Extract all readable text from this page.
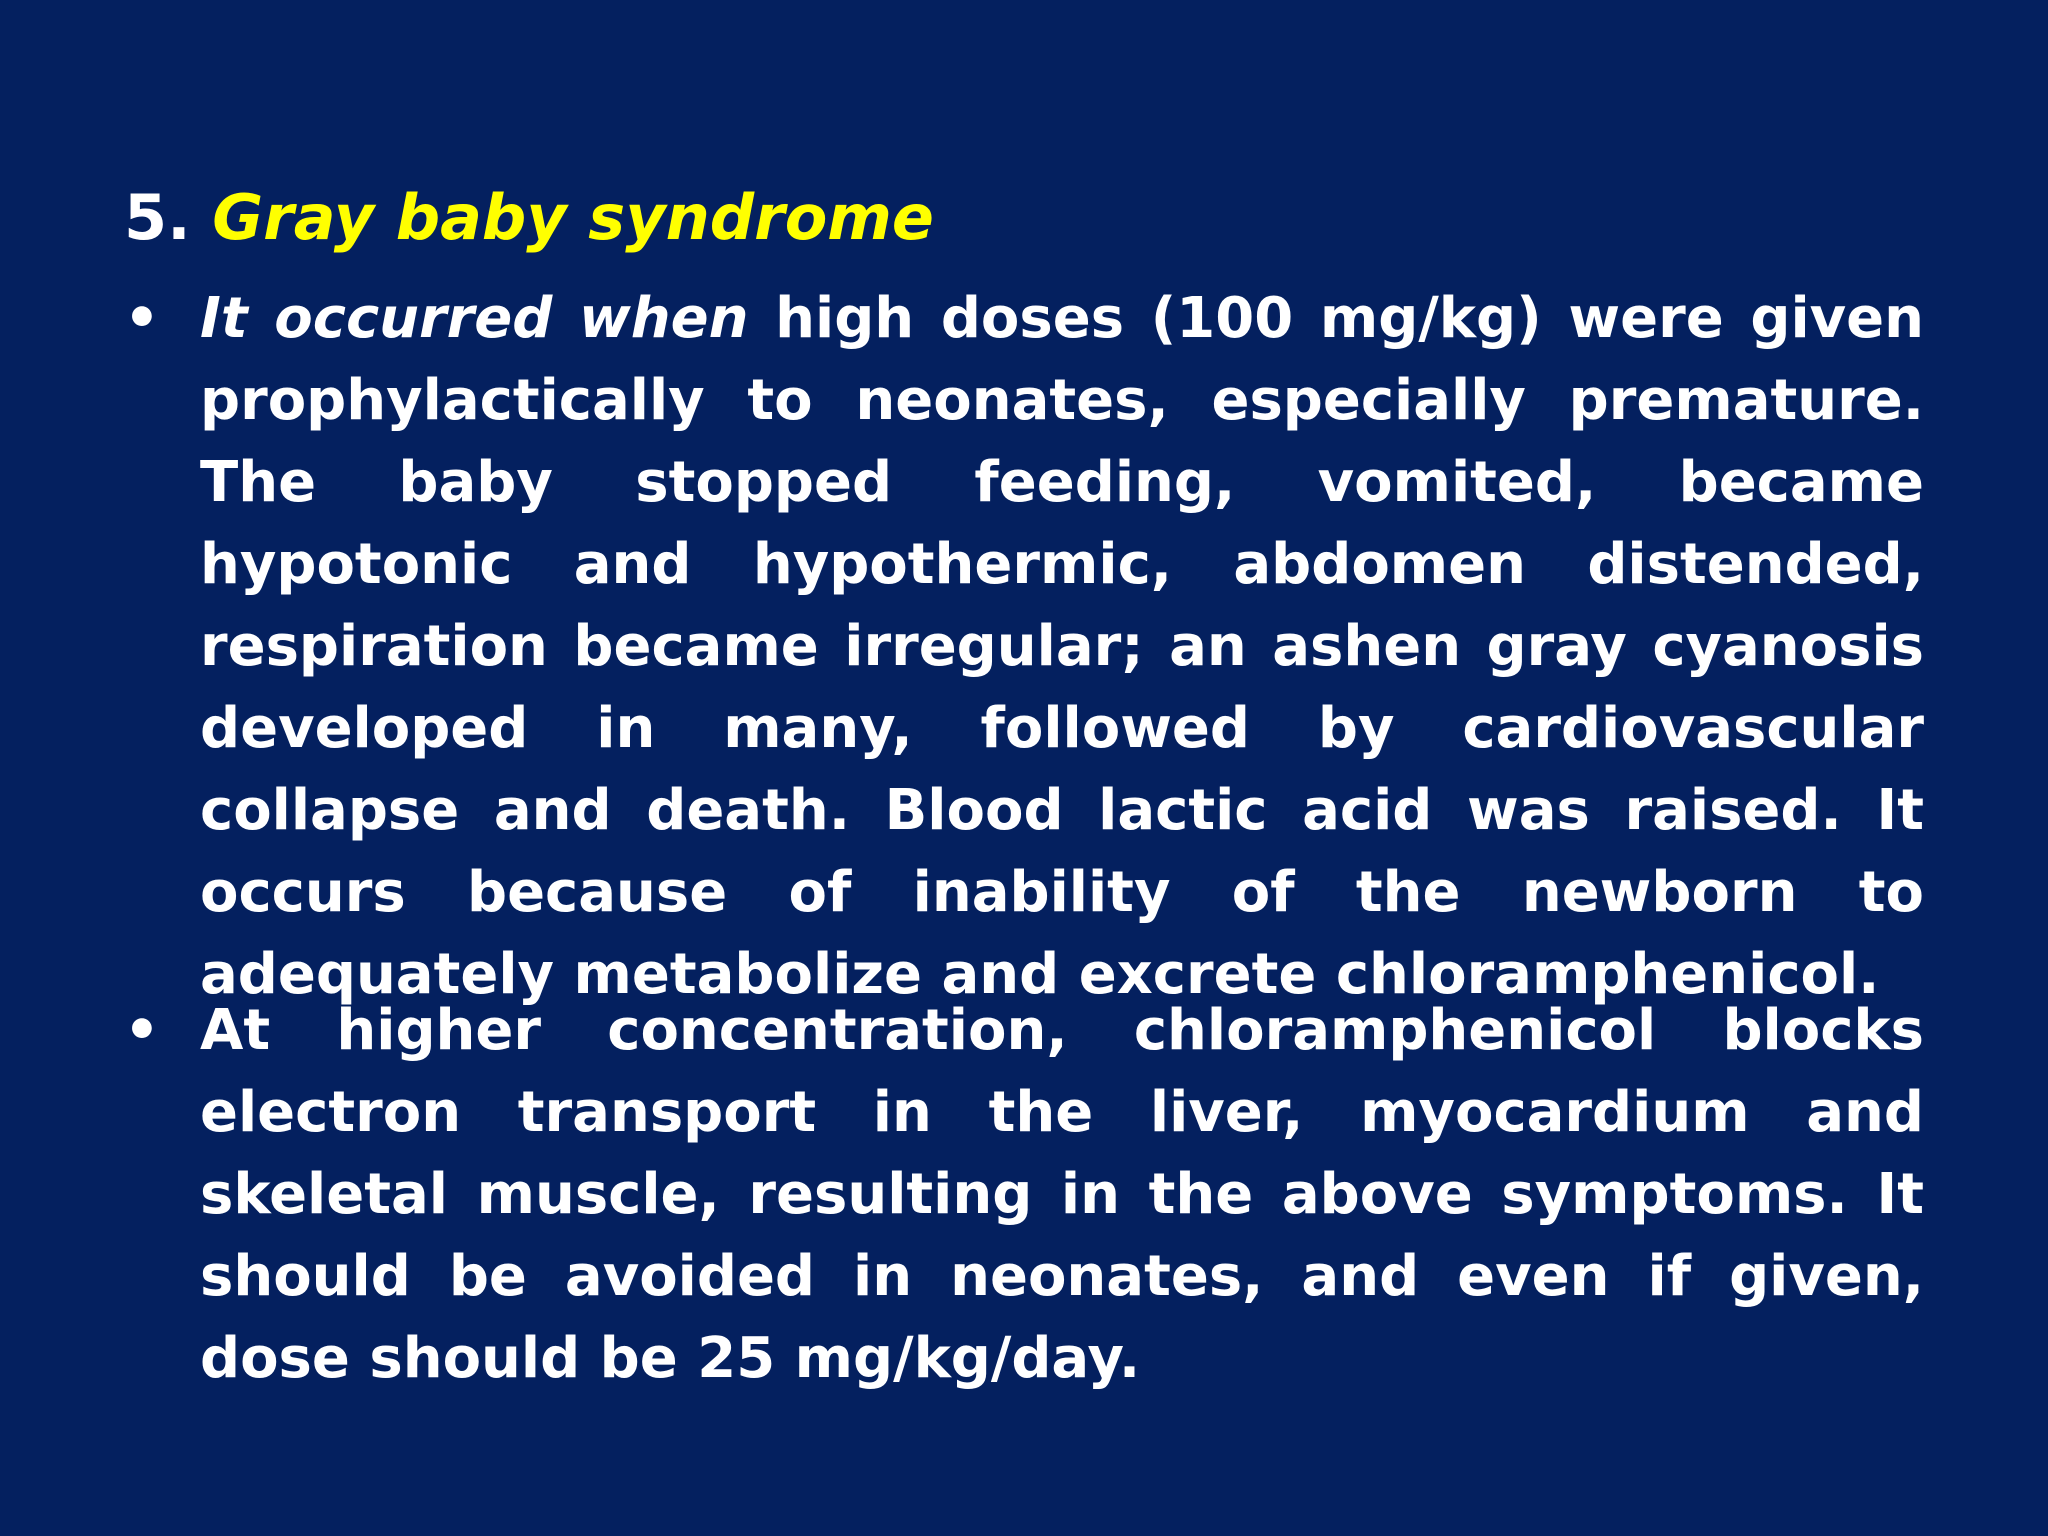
5. Gray baby syndrome
• It occurred when high doses (100 mg/kg) were given prophylactically to neonates, especially premature. The baby stopped feeding, vomited, became hypotonic and hypothermic, abdomen distended, respiration became irregular; an ashen gray cyanosis developed in many, followed by cardiovascular collapse and death. Blood lactic acid was raised. It occurs because of inability of the newborn to adequately metabolize and excrete chloramphenicol.
• At higher concentration, chloramphenicol blocks electron transport in the liver, myocardium and skeletal muscle, resulting in the above symptoms. It should be avoided in neonates, and even if given, dose should be 25 mg/kg/day.
